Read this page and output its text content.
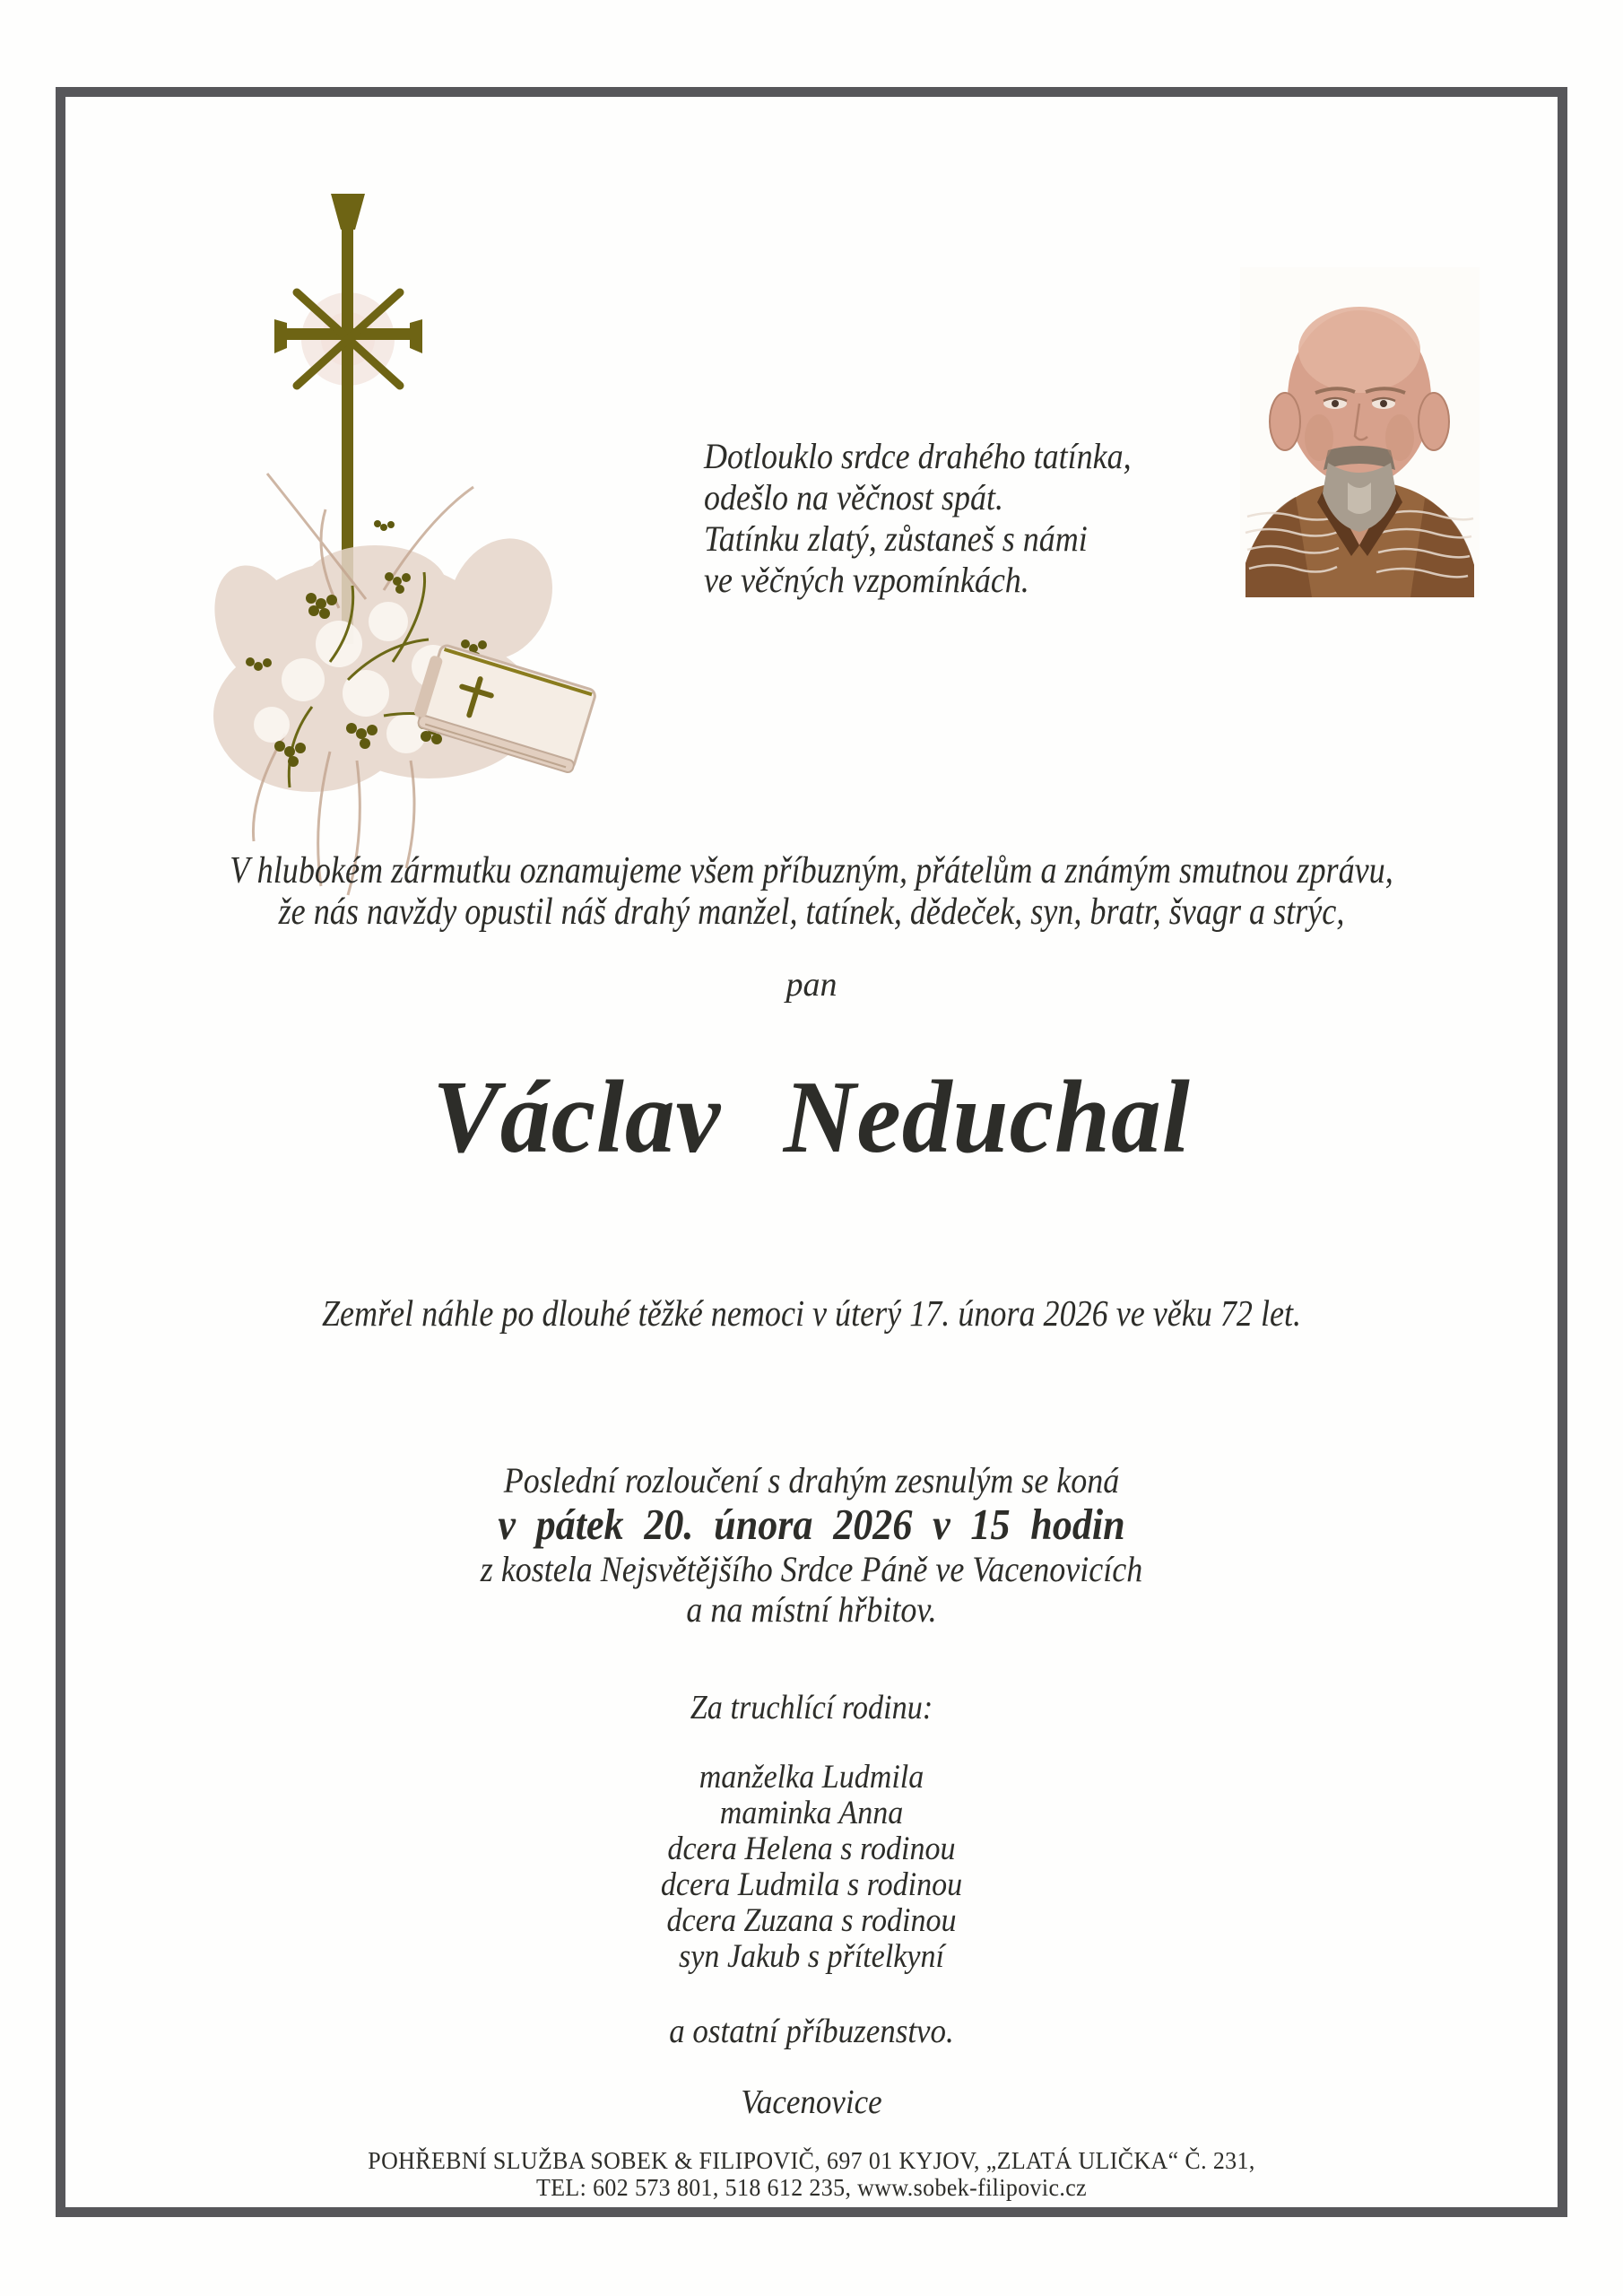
Dotlouklo srdce drahého tatínka,
odešlo na věčnost spát.
Tatínku zlatý, zůstaneš s námi
ve věčných vzpomínkách.
V hlubokém zármutku oznamujeme všem příbuzným, přátelům a známým smutnou zprávu,
že nás navždy opustil náš drahý manžel, tatínek, dědeček, syn, bratr, švagr a strýc,
pan
Václav Neduchal
Zemřel náhle po dlouhé těžké nemoci v úterý 17. února 2026 ve věku 72 let.
Poslední rozloučení s drahým zesnulým se koná
v pátek 20. února 2026 v 15 hodin
z kostela Nejsvětějšího Srdce Páně ve Vacenovicích
a na místní hřbitov.
Za truchlící rodinu:
manželka Ludmila
maminka Anna
dcera Helena s rodinou
dcera Ludmila s rodinou
dcera Zuzana s rodinou
syn Jakub s přítelkyní
a ostatní příbuzenstvo.
Vacenovice
POHŘEBNÍ SLUŽBA SOBEK & FILIPOVIČ, 697 01 KYJOV, „ZLATÁ ULIČKA“ Č. 231,
TEL: 602 573 801, 518 612 235, www.sobek-filipovic.cz
